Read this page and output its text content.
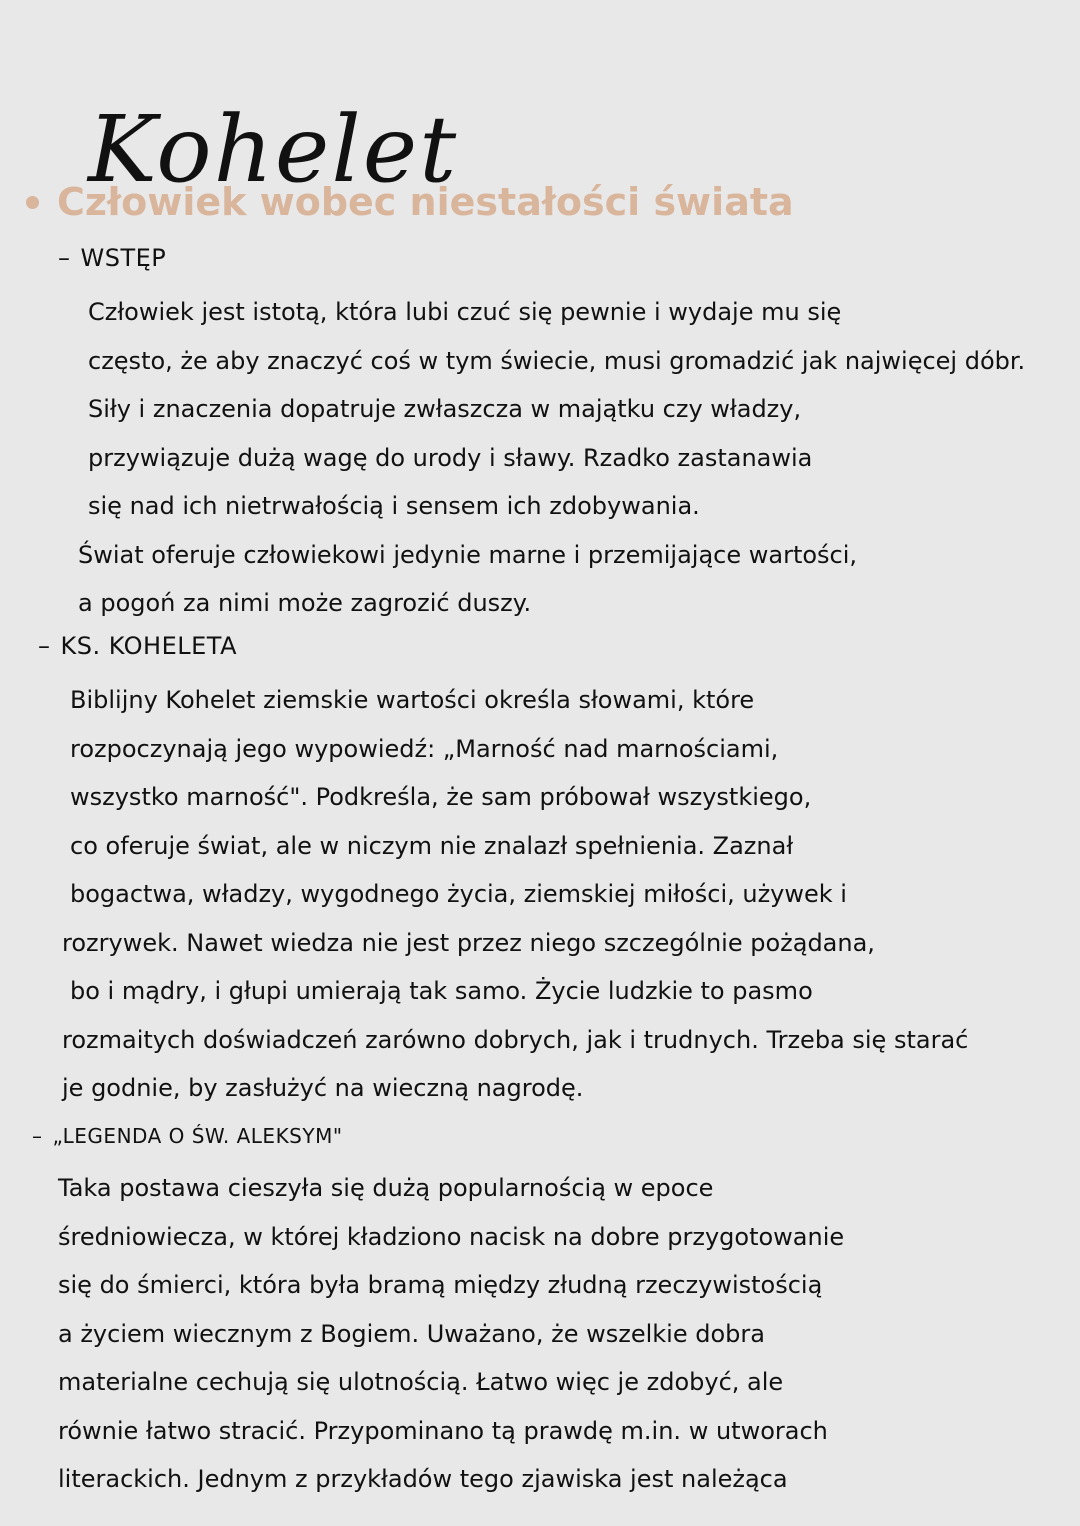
Kohelet
Człowiek wobec niestałości świata
– WSTĘP
Człowiek jest istotą, która lubi czuć się pewnie i wydaje mu się
często, że aby znaczyć coś w tym świecie, musi gromadzić jak najwięcej dóbr.
Siły i znaczenia dopatruje zwłaszcza w majątku czy władzy,
przywiązuje dużą wagę do urody i sławy. Rzadko zastanawia
się nad ich nietrwałością i sensem ich zdobywania.
Świat oferuje człowiekowi jedynie marne i przemijające wartości,
a pogoń za nimi może zagrozić duszy.
– KS. KOHELETA
Biblijny Kohelet ziemskie wartości określa słowami, które
rozpoczynają jego wypowiedź: „Marność nad marnościami,
wszystko marność". Podkreśla, że sam próbował wszystkiego,
co oferuje świat, ale w niczym nie znalazł spełnienia. Zaznał
bogactwa, władzy, wygodnego życia, ziemskiej miłości, używek i
rozrywek. Nawet wiedza nie jest przez niego szczególnie pożądana,
bo i mądry, i głupi umierają tak samo. Życie ludzkie to pasmo
rozmaitych doświadczeń zarówno dobrych, jak i trudnych. Trzeba się starać
je godnie, by zasłużyć na wieczną nagrodę.
– „LEGENDA O ŚW. ALEKSYM"
Taka postawa cieszyła się dużą popularnością w epoce
średniowiecza, w której kładziono nacisk na dobre przygotowanie
się do śmierci, która była bramą między złudną rzeczywistością
a życiem wiecznym z Bogiem. Uważano, że wszelkie dobra
materialne cechują się ulotnością. Łatwo więc je zdobyć, ale
równie łatwo stracić. Przypominano tą prawdę m.in. w utworach
literackich. Jednym z przykładów tego zjawiska jest należąca
